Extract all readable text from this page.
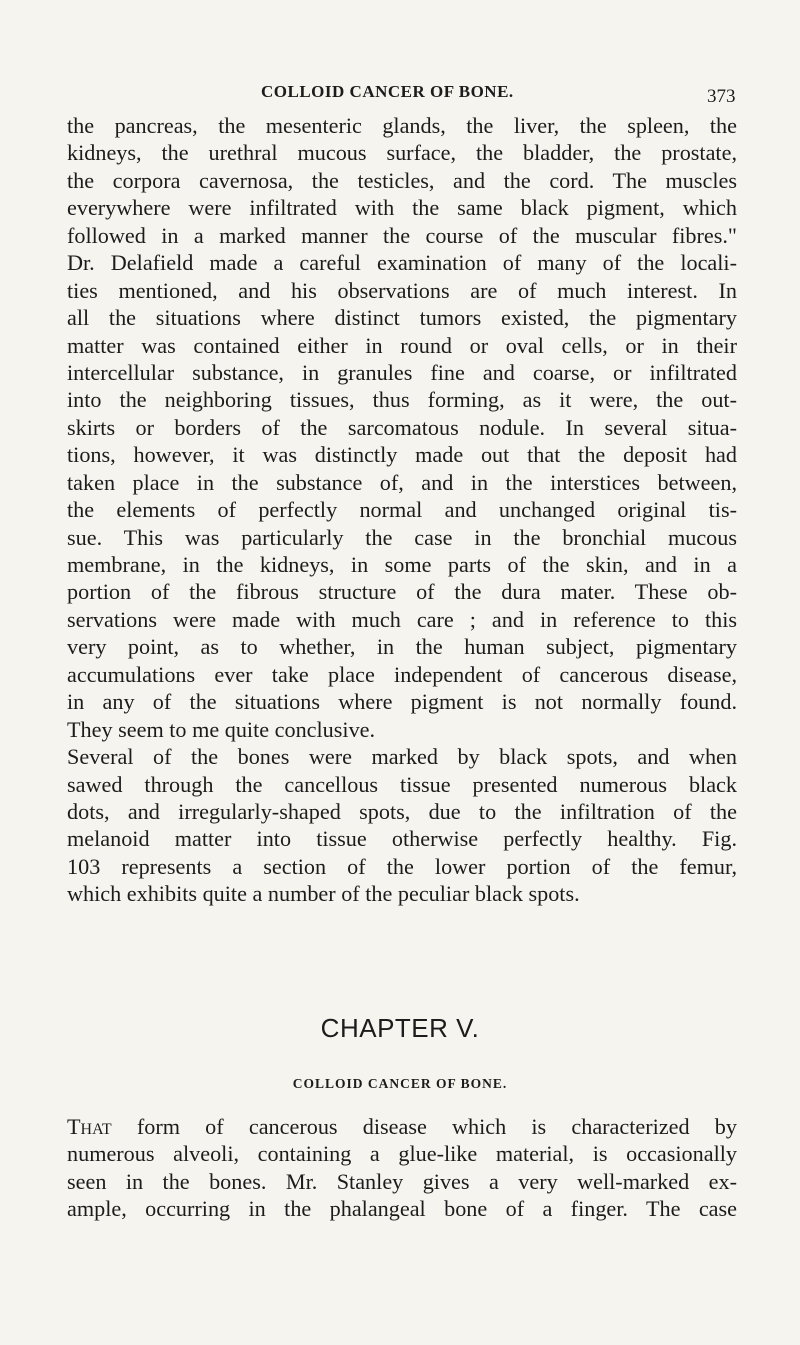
COLLOID CANCER OF BONE.	373
the pancreas, the mesenteric glands, the liver, the spleen, the
kidneys, the urethral mucous surface, the bladder, the prostate,
the corpora cavernosa, the testicles, and the cord. The muscles
everywhere were infiltrated with the same black pigment, which
followed in a marked manner the course of the muscular fibres."
Dr. Delafield made a careful examination of many of the locali-
ties mentioned, and his observations are of much interest. In
all the situations where distinct tumors existed, the pigmentary
matter was contained either in round or oval cells, or in their
intercellular substance, in granules fine and coarse, or infiltrated
into the neighboring tissues, thus forming, as it were, the out-
skirts or borders of the sarcomatous nodule. In several situa-
tions, however, it was distinctly made out that the deposit had
taken place in the substance of, and in the interstices between,
the elements of perfectly normal and unchanged original tis-
sue. This was particularly the case in the bronchial mucous
membrane, in the kidneys, in some parts of the skin, and in a
portion of the fibrous structure of the dura mater. These ob-
servations were made with much care ; and in reference to this
very point, as to whether, in the human subject, pigmentary
accumulations ever take place independent of cancerous disease,
in any of the situations where pigment is not normally found.
They seem to me quite conclusive.
Several of the bones were marked by black spots, and when
sawed through the cancellous tissue presented numerous black
dots, and irregularly-shaped spots, due to the infiltration of the
melanoid matter into tissue otherwise perfectly healthy. Fig.
103 represents a section of the lower portion of the femur,
which exhibits quite a number of the peculiar black spots.
CHAPTER V.
COLLOID CANCER OF BONE.
That form of cancerous disease which is characterized by
numerous alveoli, containing a glue-like material, is occasionally
seen in the bones. Mr. Stanley gives a very well-marked ex-
ample, occurring in the phalangeal bone of a finger. The case
